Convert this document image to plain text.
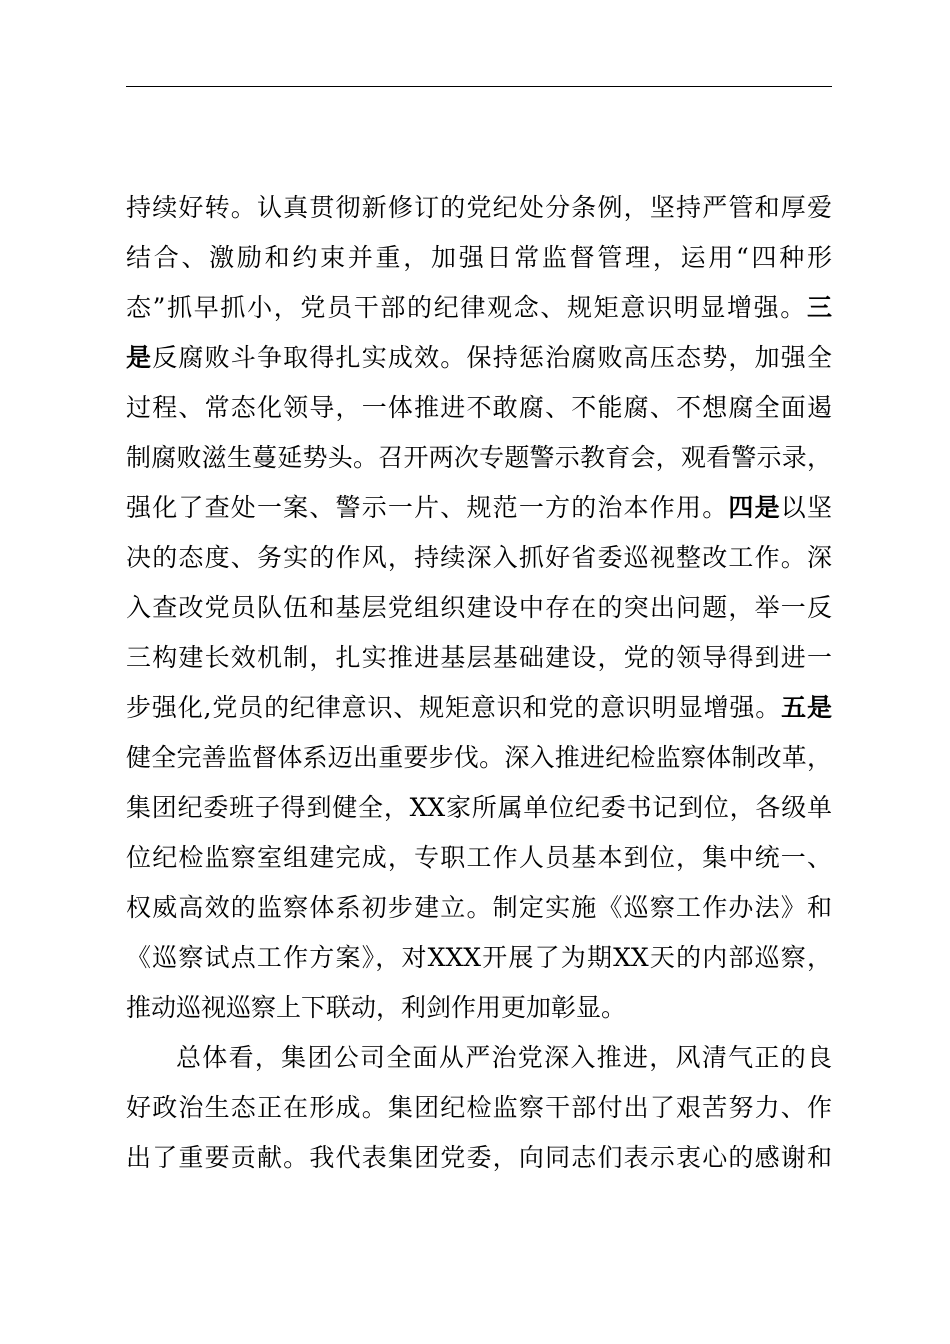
持续好转。认真贯彻新修订的党纪处分条例，坚持严管和厚爱
结合、激励和约束并重，加强日常监督管理，运用“四种形
态”抓早抓小，党员干部的纪律观念、规矩意识明显增强。三
是反腐败斗争取得扎实成效。保持惩治腐败高压态势，加强全
过程、常态化领导，一体推进不敢腐、不能腐、不想腐全面遏
制腐败滋生蔓延势头。召开两次专题警示教育会，观看警示录，
强化了查处一案、警示一片、规范一方的治本作用。四是以坚
决的态度、务实的作风，持续深入抓好省委巡视整改工作。深
入查改党员队伍和基层党组织建设中存在的突出问题，举一反
三构建长效机制，扎实推进基层基础建设，党的领导得到进一
步强化,党员的纪律意识、规矩意识和党的意识明显增强。五是
健全完善监督体系迈出重要步伐。深入推进纪检监察体制改革，
集团纪委班子得到健全，XX家所属单位纪委书记到位，各级单
位纪检监察室组建完成，专职工作人员基本到位，集中统一、
权威高效的监察体系初步建立。制定实施《巡察工作办法》和
《巡察试点工作方案》，对XXX开展了为期XX天的内部巡察，
推动巡视巡察上下联动，利剑作用更加彰显。
总体看，集团公司全面从严治党深入推进，风清气正的良
好政治生态正在形成。集团纪检监察干部付出了艰苦努力、作
出了重要贡献。我代表集团党委，向同志们表示衷心的感谢和
